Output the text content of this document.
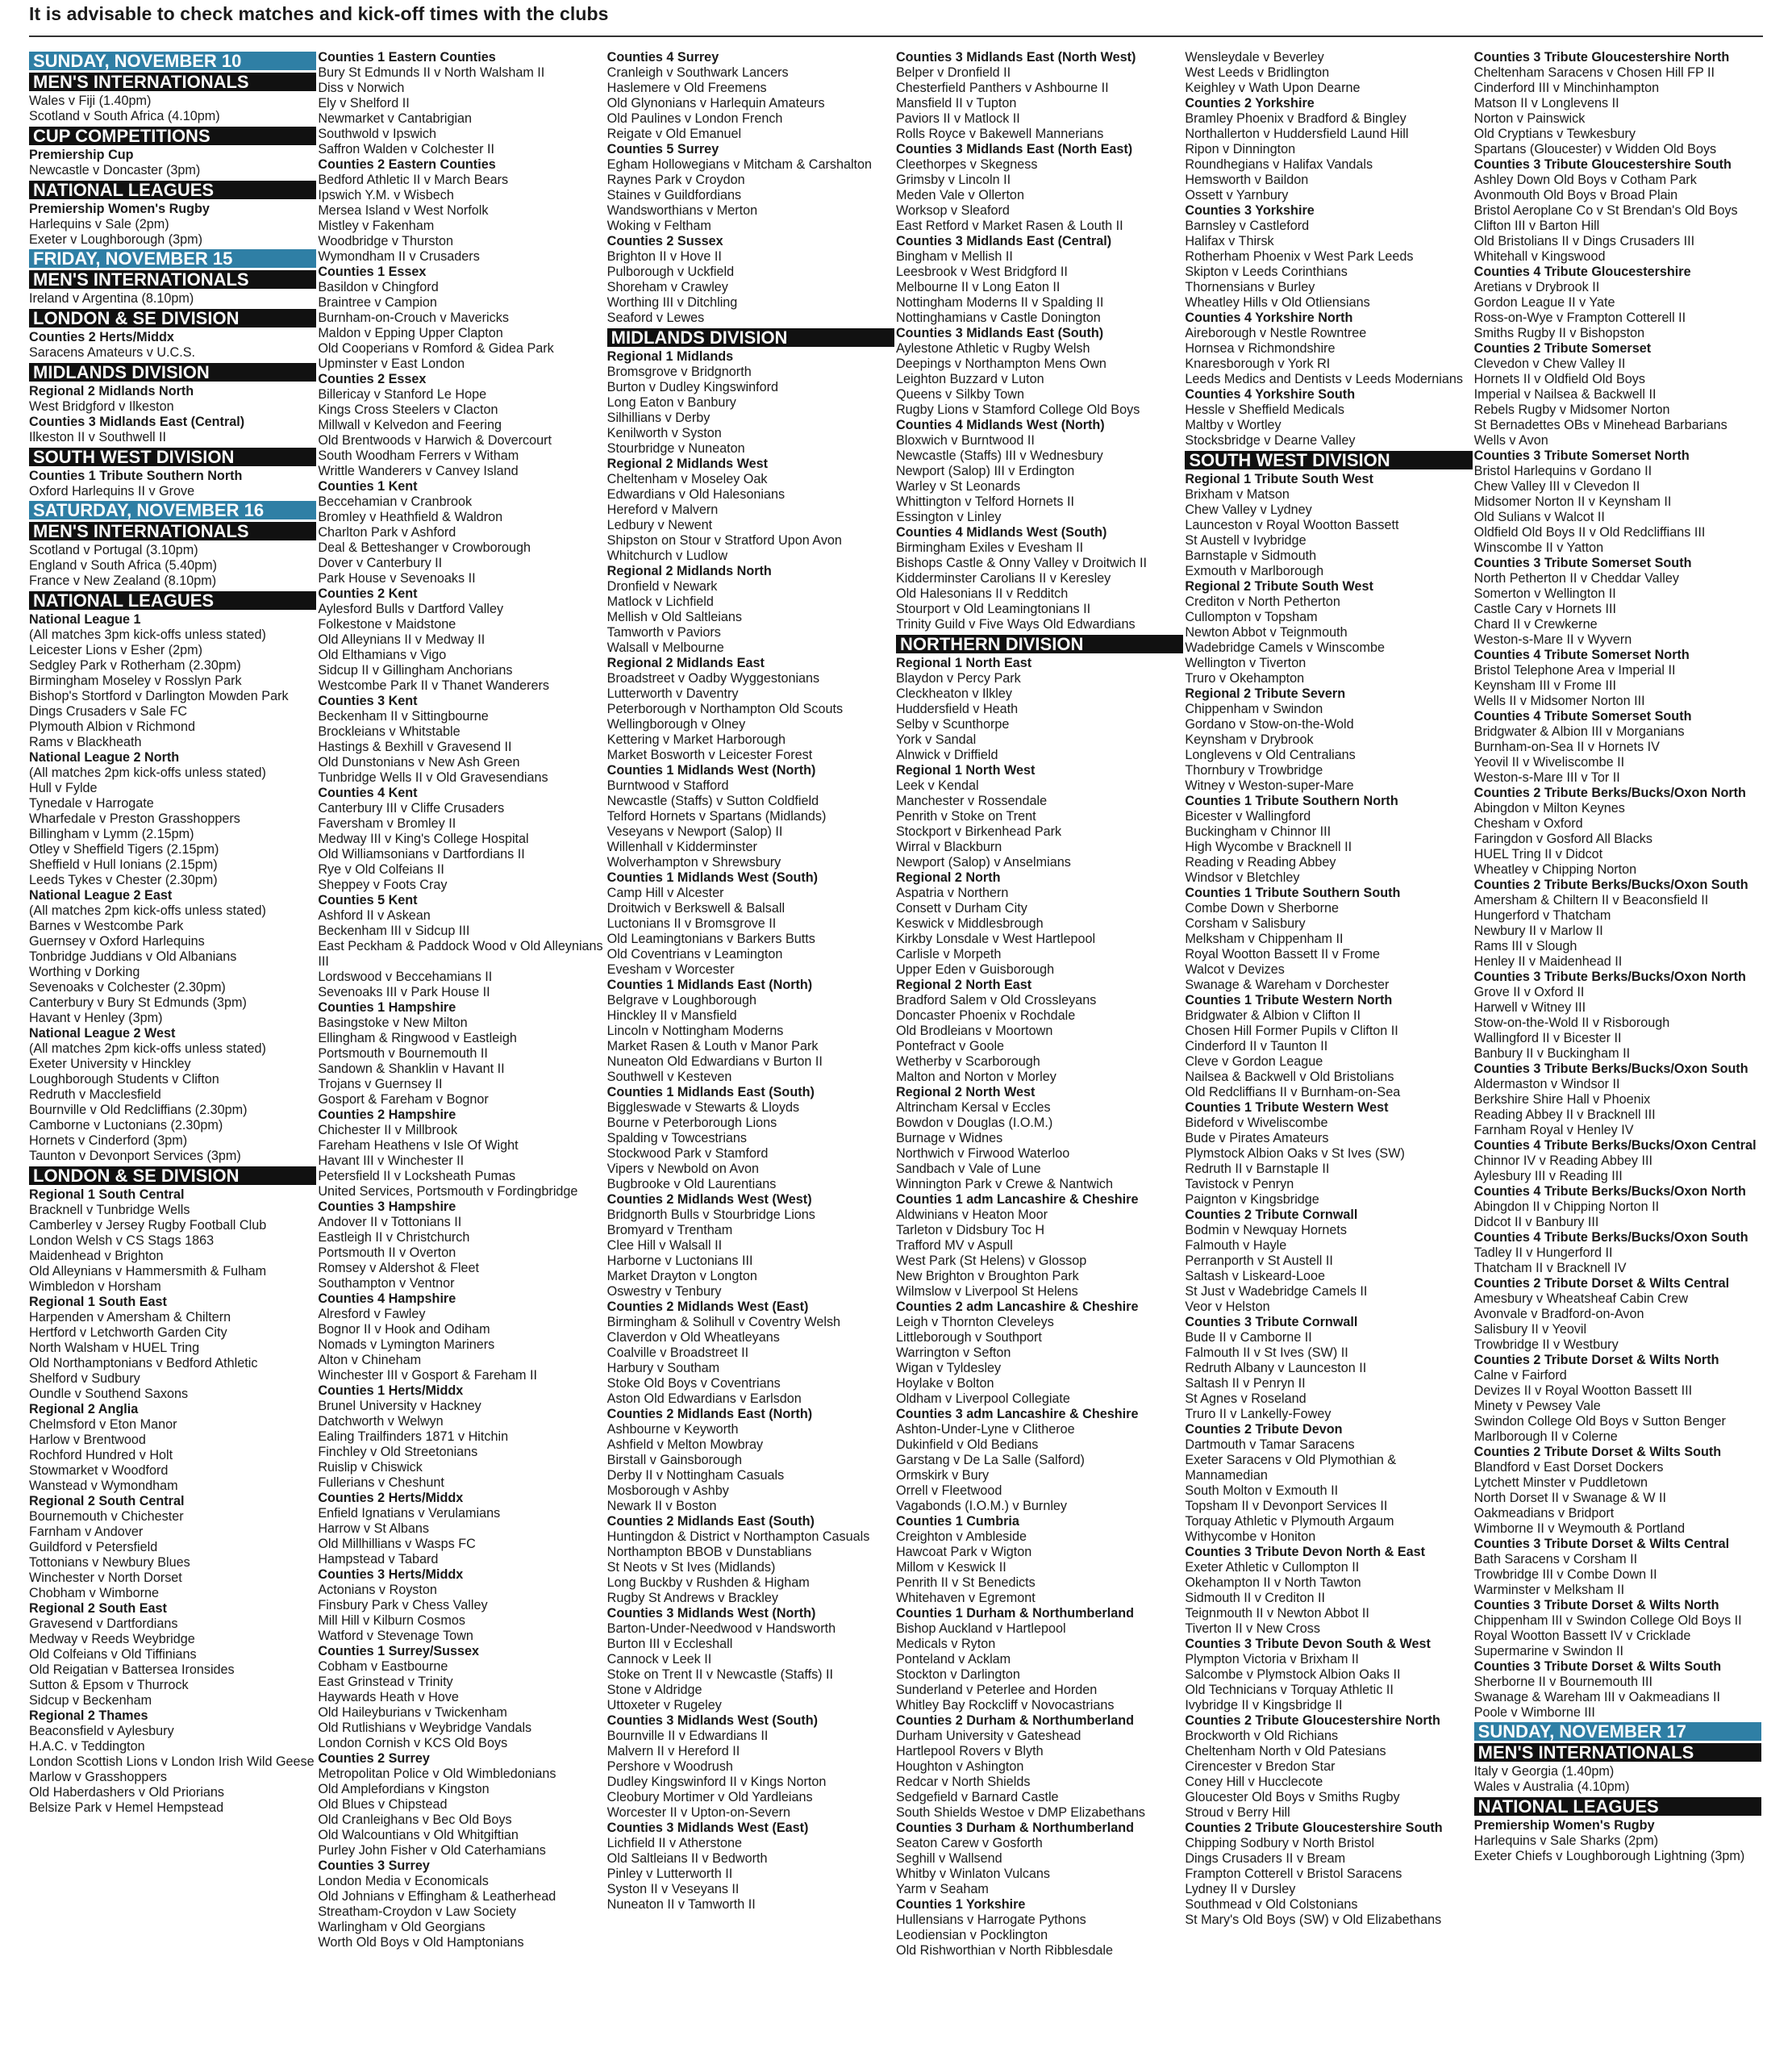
It is advisable to check matches and kick-off times with the clubs
SUNDAY, NOVEMBER 10
MEN'S INTERNATIONALS
Wales v Fiji (1.40pm)
Scotland v South Africa (4.10pm)
CUP COMPETITIONS
Premiership Cup
Newcastle v Doncaster (3pm)
NATIONAL LEAGUES
Premiership Women's Rugby
Harlequins v Sale (2pm)
Exeter v Loughborough (3pm)
FRIDAY, NOVEMBER 15
MEN'S INTERNATIONALS
Ireland v Argentina (8.10pm)
LONDON & SE DIVISION
Counties 2 Herts/Middx
Saracens Amateurs v U.C.S.
MIDLANDS DIVISION
Regional 2 Midlands North
West Bridgford v Ilkeston
Counties 3 Midlands East (Central)
Ilkeston II v Southwell II
SOUTH WEST DIVISION
Counties 1 Tribute Southern North
Oxford Harlequins II v Grove
SATURDAY, NOVEMBER 16
MEN'S INTERNATIONALS
Scotland v Portugal (3.10pm)
England v South Africa (5.40pm)
France v New Zealand (8.10pm)
NATIONAL LEAGUES
National League 1
(All matches 3pm kick-offs unless stated)
Leicester Lions v Esher (2pm)
Sedgley Park v Rotherham (2.30pm)
Birmingham Moseley v Rosslyn Park
Bishop's Stortford v Darlington Mowden Park
Dings Crusaders v Sale FC
Plymouth Albion v Richmond
Rams v Blackheath
National League 2 North
(All matches 2pm kick-offs unless stated)
Hull v Fylde
Tynedale v Harrogate
Wharfedale v Preston Grasshoppers
Billingham v Lymm (2.15pm)
Otley v Sheffield Tigers (2.15pm)
Sheffield v Hull Ionians (2.15pm)
Leeds Tykes v Chester (2.30pm)
National League 2 East
(All matches 2pm kick-offs unless stated)
Barnes v Westcombe Park
Guernsey v Oxford Harlequins
Tonbridge Juddians v Old Albanians
Worthing v Dorking
Sevenoaks v Colchester (2.30pm)
Canterbury v Bury St Edmunds (3pm)
Havant v Henley (3pm)
National League 2 West
(All matches 2pm kick-offs unless stated)
Exeter University v Hinckley
Loughborough Students v Clifton
Redruth v Macclesfield
Bournville v Old Redcliffians (2.30pm)
Camborne v Luctonians (2.30pm)
Hornets v Cinderford (3pm)
Taunton v Devonport Services (3pm)
LONDON & SE DIVISION
Regional 1 South Central
Bracknell v Tunbridge Wells
Camberley v Jersey Rugby Football Club
London Welsh v CS Stags 1863
Maidenhead v Brighton
Old Alleynians v Hammersmith & Fulham
Wimbledon v Horsham
Regional 1 South East
Harpenden v Amersham & Chiltern
Hertford v Letchworth Garden City
North Walsham v HUEL Tring
Old Northamptonians v Bedford Athletic
Shelford v Sudbury
Oundle v Southend Saxons
Regional 2 Anglia
Chelmsford v Eton Manor
Harlow v Brentwood
Rochford Hundred v Holt
Stowmarket v Woodford
Wanstead v Wymondham
Regional 2 South Central
Bournemouth v Chichester
Farnham v Andover
Guildford v Petersfield
Tottonians v Newbury Blues
Winchester v North Dorset
Chobham v Wimborne
Regional 2 South East
Gravesend v Dartfordians
Medway v Reeds Weybridge
Old Colfeians v Old Tiffinians
Old Reigatian v Battersea Ironsides
Sutton & Epsom v Thurrock
Sidcup v Beckenham
Regional 2 Thames
Beaconsfield v Aylesbury
H.A.C. v Teddington
London Scottish Lions v London Irish Wild Geese
Marlow v Grasshoppers
Old Haberdashers v Old Priorians
Belsize Park v Hemel Hempstead
Counties 1 Eastern Counties
Bury St Edmunds II v North Walsham II
Diss v Norwich
Ely v Shelford II
Newmarket v Cantabrigian
Southwold v Ipswich
Saffron Walden v Colchester II
Counties 2 Eastern Counties
Bedford Athletic II v March Bears
Ipswich Y.M. v Wisbech
Mersea Island v West Norfolk
Mistley v Fakenham
Woodbridge v Thurston
Wymondham II v Crusaders
Counties 1 Essex
Basildon v Chingford
Braintree v Campion
Burnham-on-Crouch v Mavericks
Maldon v Epping Upper Clapton
Old Cooperians v Romford & Gidea Park
Upminster v East London
Counties 2 Essex
Billericay v Stanford Le Hope
Kings Cross Steelers v Clacton
Millwall v Kelvedon and Feering
Old Brentwoods v Harwich & Dovercourt
South Woodham Ferrers v Witham
Writtle Wanderers v Canvey Island
Counties 1 Kent
Beccehamian v Cranbrook
Bromley v Heathfield & Waldron
Charlton Park v Ashford
Deal & Betteshanger v Crowborough
Dover v Canterbury II
Park House v Sevenoaks II
Counties 2 Kent
Aylesford Bulls v Dartford Valley
Folkestone v Maidstone
Old Alleynians II v Medway II
Old Elthamians v Vigo
Sidcup II v Gillingham Anchorians
Westcombe Park II v Thanet Wanderers
Counties 3 Kent
Beckenham II v Sittingbourne
Brockleians v Whitstable
Hastings & Bexhill v Gravesend II
Old Dunstonians v New Ash Green
Tunbridge Wells II v Old Gravesendians
Counties 4 Kent
Canterbury III v Cliffe Crusaders
Faversham v Bromley II
Medway III v King's College Hospital
Old Williamsonians v Dartfordians II
Rye v Old Colfeians II
Sheppey v Foots Cray
Counties 5 Kent
Ashford II v Askean
Beckenham III v Sidcup III
East Peckham & Paddock Wood v Old Alleynians III
Lordswood v Beccehamians II
Sevenoaks III v Park House II
Counties 1 Hampshire
Basingstoke v New Milton
Ellingham & Ringwood v Eastleigh
Portsmouth v Bournemouth II
Sandown & Shanklin v Havant II
Trojans v Guernsey II
Gosport & Fareham v Bognor
Counties 2 Hampshire
Chichester II v Millbrook
Fareham Heathens v Isle Of Wight
Havant III v Winchester II
Petersfield II v Locksheath Pumas
United Services, Portsmouth v Fordingbridge
Counties 3 Hampshire
Andover II v Tottonians II
Eastleigh II v Christchurch
Portsmouth II v Overton
Romsey v Aldershot & Fleet
Southampton v Ventnor
Counties 4 Hampshire
Alresford v Fawley
Bognor II v Hook and Odiham
Nomads v Lymington Mariners
Alton v Chineham
Winchester III v Gosport & Fareham II
Counties 1 Herts/Middx
Brunel University v Hackney
Datchworth v Welwyn
Ealing Trailfinders 1871 v Hitchin
Finchley v Old Streetonians
Ruislip v Chiswick
Fullerians v Cheshunt
Counties 2 Herts/Middx
Enfield Ignatians v Verulamians
Harrow v St Albans
Old Millhillians v Wasps FC
Hampstead v Tabard
Counties 3 Herts/Middx
Actonians v Royston
Finsbury Park v Chess Valley
Mill Hill v Kilburn Cosmos
Watford v Stevenage Town
Counties 1 Surrey/Sussex
Cobham v Eastbourne
East Grinstead v Trinity
Haywards Heath v Hove
Old Haileyburians v Twickenham
Old Rutlishians v Weybridge Vandals
London Cornish v KCS Old Boys
Counties 2 Surrey
Metropolitan Police v Old Wimbledonians
Old Amplefordians v Kingston
Old Blues v Chipstead
Old Cranleighans v Bec Old Boys
Old Walcountians v Old Whitgiftian
Purley John Fisher v Old Caterhamians
Counties 3 Surrey
London Media v Economicals
Old Johnians v Effingham & Leatherhead
Streatham-Croydon v Law Society
Warlingham v Old Georgians
Worth Old Boys v Old Hamptonians
Counties 4 Surrey
Cranleigh v Southwark Lancers
Haslemere v Old Freemens
Old Glynonians v Harlequin Amateurs
Old Paulines v London French
Reigate v Old Emanuel
Counties 5 Surrey
Egham Hollowegians v Mitcham & Carshalton
Raynes Park v Croydon
Staines v Guildfordians
Wandsworthians v Merton
Woking v Feltham
Counties 2 Sussex
Brighton II v Hove II
Pulborough v Uckfield
Shoreham v Crawley
Worthing III v Ditchling
Seaford v Lewes
MIDLANDS DIVISION
Regional 1 Midlands
Bromsgrove v Bridgnorth
Burton v Dudley Kingswinford
Long Eaton v Banbury
Silhillians v Derby
Kenilworth v Syston
Stourbridge v Nuneaton
Regional 2 Midlands West
Cheltenham v Moseley Oak
Edwardians v Old Halesonians
Hereford v Malvern
Ledbury v Newent
Shipston on Stour v Stratford Upon Avon
Whitchurch v Ludlow
Regional 2 Midlands North
Dronfield v Newark
Matlock v Lichfield
Mellish v Old Saltleians
Tamworth v Paviors
Walsall v Melbourne
Regional 2 Midlands East
Broadstreet v Oadby Wyggestonians
Lutterworth v Daventry
Peterborough v Northampton Old Scouts
Wellingborough v Olney
Kettering v Market Harborough
Market Bosworth v Leicester Forest
Counties 1 Midlands West (North)
Burntwood v Stafford
Newcastle (Staffs) v Sutton Coldfield
Telford Hornets v Spartans (Midlands)
Veseyans v Newport (Salop) II
Willenhall v Kidderminster
Wolverhampton v Shrewsbury
Counties 1 Midlands West (South)
Camp Hill v Alcester
Droitwich v Berkswell & Balsall
Luctonians II v Bromsgrove II
Old Leamingtonians v Barkers Butts
Old Coventrians v Leamington
Evesham v Worcester
Counties 1 Midlands East (North)
Belgrave v Loughborough
Hinckley II v Mansfield
Lincoln v Nottingham Moderns
Market Rasen & Louth v Manor Park
Nuneaton Old Edwardians v Burton II
Southwell v Kesteven
Counties 1 Midlands East (South)
Biggleswade v Stewarts & Lloyds
Bourne v Peterborough Lions
Spalding v Towcestrians
Stockwood Park v Stamford
Vipers v Newbold on Avon
Bugbrooke v Old Laurentians
Counties 2 Midlands West (West)
Bridgnorth Bulls v Stourbridge Lions
Bromyard v Trentham
Clee Hill v Walsall II
Harborne v Luctonians III
Market Drayton v Longton
Oswestry v Tenbury
Counties 2 Midlands West (East)
Birmingham & Solihull v Coventry Welsh
Claverdon v Old Wheatleyans
Coalville v Broadstreet II
Harbury v Southam
Stoke Old Boys v Coventrians
Aston Old Edwardians v Earlsdon
Counties 2 Midlands East (North)
Ashbourne v Keyworth
Ashfield v Melton Mowbray
Birstall v Gainsborough
Derby II v Nottingham Casuals
Mosborough v Ashby
Newark II v Boston
Counties 2 Midlands East (South)
Huntingdon & District v Northampton Casuals
Northampton BBOB v Dunstablians
St Neots v St Ives (Midlands)
Long Buckby v Rushden & Higham
Rugby St Andrews v Brackley
Counties 3 Midlands West (North)
Barton-Under-Needwood v Handsworth
Burton III v Eccleshall
Cannock v Leek II
Stoke on Trent II v Newcastle (Staffs) II
Stone v Aldridge
Uttoxeter v Rugeley
Counties 3 Midlands West (South)
Bournville II v Edwardians II
Malvern II v Hereford II
Pershore v Woodrush
Dudley Kingswinford II v Kings Norton
Cleobury Mortimer v Old Yardleians
Worcester II v Upton-on-Severn
Counties 3 Midlands West (East)
Lichfield II v Atherstone
Old Saltleians II v Bedworth
Pinley v Lutterworth II
Syston II v Veseyans II
Nuneaton II v Tamworth II
Counties 3 Midlands East (North West)
Belper v Dronfield II
Chesterfield Panthers v Ashbourne II
Mansfield II v Tupton
Paviors II v Matlock II
Rolls Royce v Bakewell Mannerians
Counties 3 Midlands East (North East)
Cleethorpes v Skegness
Grimsby v Lincoln II
Meden Vale v Ollerton
Worksop v Sleaford
East Retford v Market Rasen & Louth II
Counties 3 Midlands East (Central)
Bingham v Mellish II
Leesbrook v West Bridgford II
Melbourne II v Long Eaton II
Nottingham Moderns II v Spalding II
Nottinghamians v Castle Donington
Counties 3 Midlands East (South)
Aylestone Athletic v Rugby Welsh
Deepings v Northampton Mens Own
Leighton Buzzard v Luton
Queens v Silkby Town
Rugby Lions v Stamford College Old Boys
Counties 4 Midlands West (North)
Bloxwich v Burntwood II
Newcastle (Staffs) III v Wednesbury
Newport (Salop) III v Erdington
Warley v St Leonards
Whittington v Telford Hornets II
Essington v Linley
Counties 4 Midlands West (South)
Birmingham Exiles v Evesham II
Bishops Castle & Onny Valley v Droitwich II
Kidderminster Carolians II v Keresley
Old Halesonians II v Redditch
Stourport v Old Leamingtonians II
Trinity Guild v Five Ways Old Edwardians
NORTHERN DIVISION
Regional 1 North East
Blaydon v Percy Park
Cleckheaton v Ilkley
Huddersfield v Heath
Selby v Scunthorpe
York v Sandal
Alnwick v Driffield
Regional 1 North West
Leek v Kendal
Manchester v Rossendale
Penrith v Stoke on Trent
Stockport v Birkenhead Park
Wirral v Blackburn
Newport (Salop) v Anselmians
Regional 2 North
Aspatria v Northern
Consett v Durham City
Keswick v Middlesbrough
Kirkby Lonsdale v West Hartlepool
Carlisle v Morpeth
Upper Eden v Guisborough
Regional 2 North East
Bradford Salem v Old Crossleyans
Doncaster Phoenix v Rochdale
Old Brodleians v Moortown
Pontefract v Goole
Wetherby v Scarborough
Malton and Norton v Morley
Regional 2 North West
Altrincham Kersal v Eccles
Bowdon v Douglas (I.O.M.)
Burnage v Widnes
Northwich v Firwood Waterloo
Sandbach v Vale of Lune
Winnington Park v Crewe & Nantwich
Counties 1 adm Lancashire & Cheshire
Aldwinians v Heaton Moor
Tarleton v Didsbury Toc H
Trafford MV v Aspull
West Park (St Helens) v Glossop
New Brighton v Broughton Park
Wilmslow v Liverpool St Helens
Counties 2 adm Lancashire & Cheshire
Leigh v Thornton Cleveleys
Littleborough v Southport
Warrington v Sefton
Wigan v Tyldesley
Hoylake v Bolton
Oldham v Liverpool Collegiate
Counties 3 adm Lancashire & Cheshire
Ashton-Under-Lyne v Clitheroe
Dukinfield v Old Bedians
Garstang v De La Salle (Salford)
Ormskirk v Bury
Orrell v Fleetwood
Vagabonds (I.O.M.) v Burnley
Counties 1 Cumbria
Creighton v Ambleside
Hawcoat Park v Wigton
Millom v Keswick II
Penrith II v St Benedicts
Whitehaven v Egremont
Counties 1 Durham & Northumberland
Bishop Auckland v Hartlepool
Medicals v Ryton
Ponteland v Acklam
Stockton v Darlington
Sunderland v Peterlee and Horden
Whitley Bay Rockcliff v Novocastrians
Counties 2 Durham & Northumberland
Durham University v Gateshead
Hartlepool Rovers v Blyth
Houghton v Ashington
Redcar v North Shields
Sedgefield v Barnard Castle
South Shields Westoe v DMP Elizabethans
Counties 3 Durham & Northumberland
Seaton Carew v Gosforth
Seghill v Wallsend
Whitby v Winlaton Vulcans
Yarm v Seaham
Counties 1 Yorkshire
Hullensians v Harrogate Pythons
Leodiensian v Pocklington
Old Rishworthian v North Ribblesdale
Wensleydale v Beverley
West Leeds v Bridlington
Keighley v Wath Upon Dearne
Counties 2 Yorkshire
Bramley Phoenix v Bradford & Bingley
Northallerton v Huddersfield Laund Hill
Ripon v Dinnington
Roundhegians v Halifax Vandals
Hemsworth v Baildon
Ossett v Yarnbury
Counties 3 Yorkshire
Barnsley v Castleford
Halifax v Thirsk
Rotherham Phoenix v West Park Leeds
Skipton v Leeds Corinthians
Thornensians v Burley
Wheatley Hills v Old Otliensians
Counties 4 Yorkshire North
Aireborough v Nestle Rowntree
Hornsea v Richmondshire
Knaresborough v York RI
Leeds Medics and Dentists v Leeds Modernians
Counties 4 Yorkshire South
Hessle v Sheffield Medicals
Maltby v Wortley
Stocksbridge v Dearne Valley
SOUTH WEST DIVISION
Regional 1 Tribute South West
Brixham v Matson
Chew Valley v Lydney
Launceston v Royal Wootton Bassett
St Austell v Ivybridge
Barnstaple v Sidmouth
Exmouth v Marlborough
Regional 2 Tribute South West
Crediton v North Petherton
Cullompton v Topsham
Newton Abbot v Teignmouth
Wadebridge Camels v Winscombe
Wellington v Tiverton
Truro v Okehampton
Regional 2 Tribute Severn
Chippenham v Swindon
Gordano v Stow-on-the-Wold
Keynsham v Drybrook
Longlevens v Old Centralians
Thornbury v Trowbridge
Witney v Weston-super-Mare
Counties 1 Tribute Southern North
Bicester v Wallingford
Buckingham v Chinnor III
High Wycombe v Bracknell II
Reading v Reading Abbey
Windsor v Bletchley
Counties 1 Tribute Southern South
Combe Down v Sherborne
Corsham v Salisbury
Melksham v Chippenham II
Royal Wootton Bassett II v Frome
Walcot v Devizes
Swanage & Wareham v Dorchester
Counties 1 Tribute Western North
Bridgwater & Albion v Clifton II
Chosen Hill Former Pupils v Clifton II
Cinderford II v Taunton II
Cleve v Gordon League
Nailsea & Backwell v Old Bristolians
Old Redcliffians II v Burnham-on-Sea
Counties 1 Tribute Western West
Bideford v Wiveliscombe
Bude v Pirates Amateurs
Plymstock Albion Oaks v St Ives (SW)
Redruth II v Barnstaple II
Tavistock v Penryn
Paignton v Kingsbridge
Counties 2 Tribute Cornwall
Bodmin v Newquay Hornets
Falmouth v Hayle
Perranporth v St Austell II
Saltash v Liskeard-Looe
St Just v Wadebridge Camels II
Veor v Helston
Counties 3 Tribute Cornwall
Bude II v Camborne II
Falmouth II v St Ives (SW) II
Redruth Albany v Launceston II
Saltash II v Penryn II
St Agnes v Roseland
Truro II v Lankelly-Fowey
Counties 2 Tribute Devon
Dartmouth v Tamar Saracens
Exeter Saracens v Old Plymothian & Mannamedian
South Molton v Exmouth II
Topsham II v Devonport Services II
Torquay Athletic v Plymouth Argaum
Withycombe v Honiton
Counties 3 Tribute Devon North & East
Exeter Athletic v Cullompton II
Okehampton II v North Tawton
Sidmouth II v Crediton II
Teignmouth II v Newton Abbot II
Tiverton II v New Cross
Counties 3 Tribute Devon South & West
Plympton Victoria v Brixham II
Salcombe v Plymstock Albion Oaks II
Old Technicians v Torquay Athletic II
Ivybridge II v Kingsbridge II
Counties 2 Tribute Gloucestershire North
Brockworth v Old Richians
Cheltenham North v Old Patesians
Cirencester v Bredon Star
Coney Hill v Hucclecote
Gloucester Old Boys v Smiths Rugby
Stroud v Berry Hill
Counties 2 Tribute Gloucestershire South
Chipping Sodbury v North Bristol
Dings Crusaders II v Bream
Frampton Cotterell v Bristol Saracens
Lydney II v Dursley
Southmead v Old Colstonians
St Mary's Old Boys (SW) v Old Elizabethans
Counties 3 Tribute Gloucestershire North
Cheltenham Saracens v Chosen Hill FP II
Cinderford III v Minchinhampton
Matson II v Longlevens II
Norton v Painswick
Old Cryptians v Tewkesbury
Spartans (Gloucester) v Widden Old Boys
Counties 3 Tribute Gloucestershire South
Ashley Down Old Boys v Cotham Park
Avonmouth Old Boys v Broad Plain
Bristol Aeroplane Co v St Brendan's Old Boys
Clifton III v Barton Hill
Old Bristolians II v Dings Crusaders III
Whitehall v Kingswood
Counties 4 Tribute Gloucestershire
Aretians v Drybrook II
Gordon League II v Yate
Ross-on-Wye v Frampton Cotterell II
Smiths Rugby II v Bishopston
Counties 2 Tribute Somerset
Clevedon v Chew Valley II
Hornets II v Oldfield Old Boys
Imperial v Nailsea & Backwell II
Rebels Rugby v Midsomer Norton
St Bernadettes OBs v Minehead Barbarians
Wells v Avon
Counties 3 Tribute Somerset North
Bristol Harlequins v Gordano II
Chew Valley III v Clevedon II
Midsomer Norton II v Keynsham II
Old Sulians v Walcot II
Oldfield Old Boys II v Old Redcliffians III
Winscombe II v Yatton
Counties 3 Tribute Somerset South
North Petherton II v Cheddar Valley
Somerton v Wellington II
Castle Cary v Hornets III
Chard II v Crewkerne
Weston-s-Mare II v Wyvern
Counties 4 Tribute Somerset North
Bristol Telephone Area v Imperial II
Keynsham III v Frome III
Wells II v Midsomer Norton III
Counties 4 Tribute Somerset South
Bridgwater & Albion III v Morganians
Burnham-on-Sea II v Hornets IV
Yeovil II v Wiveliscombe II
Weston-s-Mare III v Tor II
Counties 2 Tribute Berks/Bucks/Oxon North
Abingdon v Milton Keynes
Chesham v Oxford
Faringdon v Gosford All Blacks
HUEL Tring II v Didcot
Wheatley v Chipping Norton
Counties 2 Tribute Berks/Bucks/Oxon South
Amersham & Chiltern II v Beaconsfield II
Hungerford v Thatcham
Newbury II v Marlow II
Rams III v Slough
Henley II v Maidenhead II
Counties 3 Tribute Berks/Bucks/Oxon North
Grove II v Oxford II
Harwell v Witney III
Stow-on-the-Wold II v Risborough
Wallingford II v Bicester II
Banbury II v Buckingham II
Counties 3 Tribute Berks/Bucks/Oxon South
Aldermaston v Windsor II
Berkshire Shire Hall v Phoenix
Reading Abbey II v Bracknell III
Farnham Royal v Henley IV
Counties 4 Tribute Berks/Bucks/Oxon Central
Chinnor IV v Reading Abbey III
Aylesbury III v Reading III
Counties 4 Tribute Berks/Bucks/Oxon North
Abingdon II v Chipping Norton II
Didcot II v Banbury III
Counties 4 Tribute Berks/Bucks/Oxon South
Tadley II v Hungerford II
Thatcham II v Bracknell IV
Counties 2 Tribute Dorset & Wilts Central
Amesbury v Wheatsheaf Cabin Crew
Avonvale v Bradford-on-Avon
Salisbury II v Yeovil
Trowbridge II v Westbury
Counties 2 Tribute Dorset & Wilts North
Calne v Fairford
Devizes II v Royal Wootton Bassett III
Minety v Pewsey Vale
Swindon College Old Boys v Sutton Benger
Marlborough II v Colerne
Counties 2 Tribute Dorset & Wilts South
Blandford v East Dorset Dockers
Lytchett Minster v Puddletown
North Dorset II v Swanage & W II
Oakmeadians v Bridport
Wimborne II v Weymouth & Portland
Counties 3 Tribute Dorset & Wilts Central
Bath Saracens v Corsham II
Trowbridge III v Combe Down II
Warminster v Melksham II
Counties 3 Tribute Dorset & Wilts North
Chippenham III v Swindon College Old Boys II
Royal Wootton Bassett IV v Cricklade
Supermarine v Swindon II
Counties 3 Tribute Dorset & Wilts South
Sherborne II v Bournemouth III
Swanage & Wareham III v Oakmeadians II
Poole v Wimborne III
SUNDAY, NOVEMBER 17
MEN'S INTERNATIONALS
Italy v Georgia (1.40pm)
Wales v Australia (4.10pm)
NATIONAL LEAGUES
Premiership Women's Rugby
Harlequins v Sale Sharks (2pm)
Exeter Chiefs v Loughborough Lightning (3pm)
